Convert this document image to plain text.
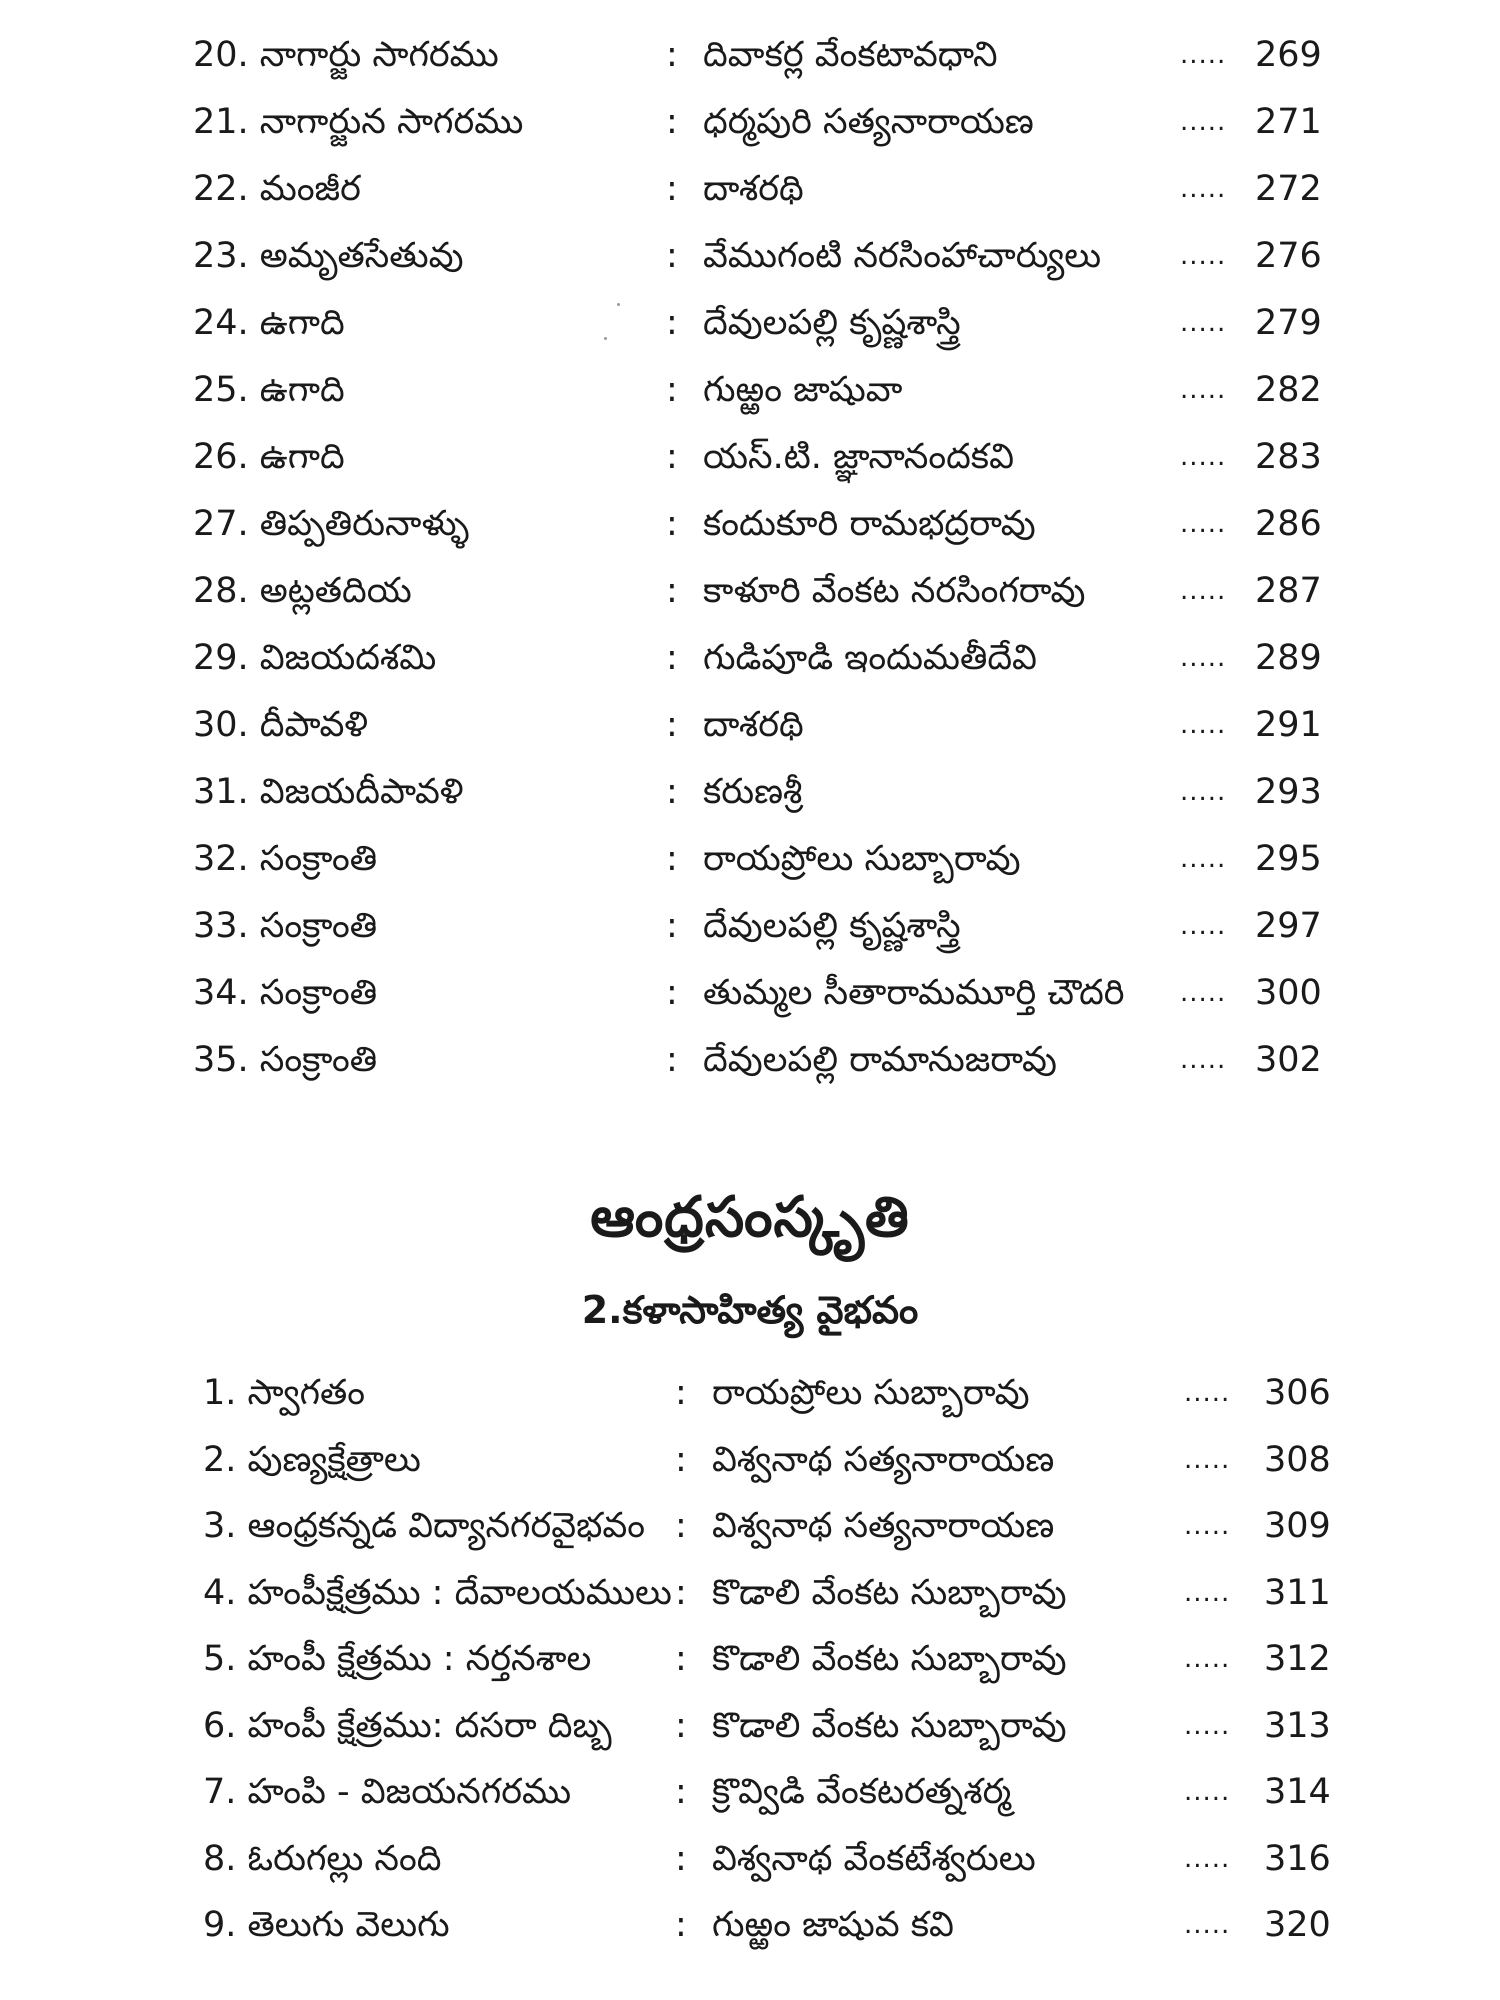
20. నాగార్జు సాగరము	: దివాకర్ల వేంకటావధాని	..... 269
21. నాగార్జున సాగరము	: ధర్మపురి సత్యనారాయణ	..... 271
22. మంజీర	: దాశరథి	..... 272
23. అమృతసేతువు	: వేముగంటి నరసింహాచార్యులు	..... 276
24. ఉగాది	: దేవులపల్లి కృష్ణశాస్త్రి	..... 279
25. ఉగాది	: గుఱ్ఱం జాషువా	..... 282
26. ఉగాది	: యస్.టి. జ్ఞానానందకవి	..... 283
27. తిప్పతిరునాళ్ళు	: కందుకూరి రామభద్రరావు	..... 286
28. అట్లతదియ	: కాళూరి వేంకట నరసింగరావు	..... 287
29. విజయదశమి	: గుడిపూడి ఇందుమతీదేవి	..... 289
30. దీపావళి	: దాశరథి	..... 291
31. విజయదీపావళి	: కరుణశ్రీ	..... 293
32. సంక్రాంతి	: రాయప్రోలు సుబ్బారావు	..... 295
33. సంక్రాంతి	: దేవులపల్లి కృష్ణశాస్త్రి	..... 297
34. సంక్రాంతి	: తుమ్మల సీతారామమూర్తి చౌదరి ..... 300
35. సంక్రాంతి	: దేవులపల్లి రామానుజరావు	..... 302
ఆంధ్రసంస్కృతి
2.కళాసాహిత్య వైభవం
1. స్వాగతం	: రాయప్రోలు సుబ్బారావు	..... 306
2. పుణ్యక్షేత్రాలు	: విశ్వనాథ సత్యనారాయణ	..... 308
3. ఆంధ్రకన్నడ విద్యానగరవైభవం : విశ్వనాథ సత్యనారాయణ	..... 309
4. హంపీక్షేత్రము : దేవాలయములు : కొడాలి వేంకట సుబ్బారావు	..... 311
5. హంపీ క్షేత్రము : నర్తనశాల : కొడాలి వేంకట సుబ్బారావు	..... 312
6. హంపీ క్షేత్రము: దసరా దిబ్బ : కొడాలి వేంకట సుబ్బారావు	..... 313
7. హంపి - విజయనగరము	: క్రొవ్విడి వేంకటరత్నశర్మ	..... 314
8. ఓరుగల్లు నంది	: విశ్వనాథ వేంకటేశ్వరులు	..... 316
9. తెలుగు వెలుగు	: గుఱ్ఱం జాషువ కవి	..... 320
